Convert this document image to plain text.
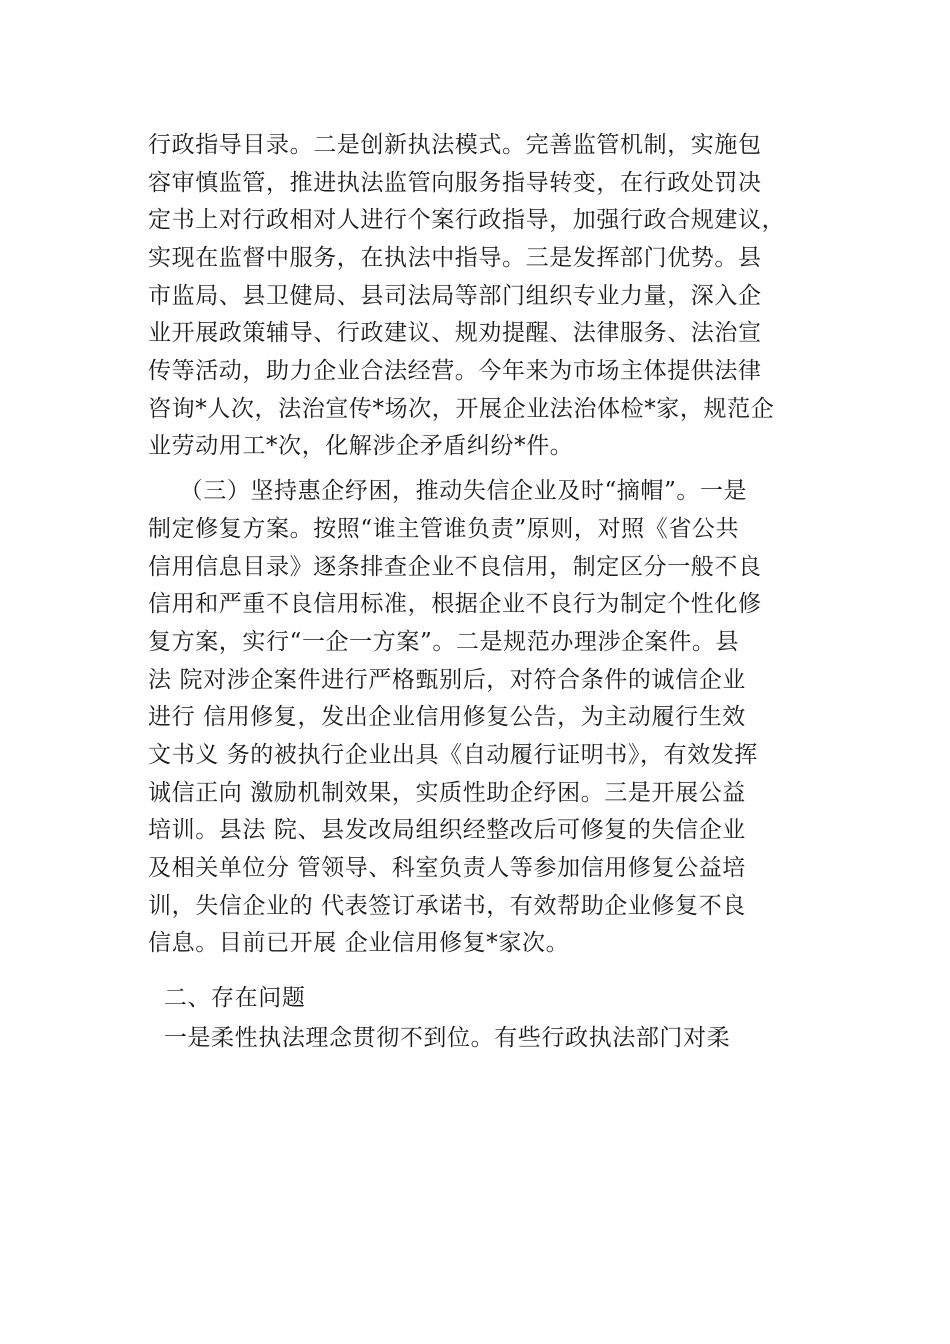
行政指导目录。二是创新执法模式。完善监管机制，实施包
容审慎监管，推进执法监管向服务指导转变，在行政处罚决
定书上对行政相对人进行个案行政指导，加强行政合规建议，
实现在监督中服务，在执法中指导。三是发挥部门优势。县
市监局、县卫健局、县司法局等部门组织专业力量，深入企
业开展政策辅导、行政建议、规劝提醒、法律服务、法治宣
传等活动，助力企业合法经营。今年来为市场主体提供法律
咨询*人次，法治宣传*场次，开展企业法治体检*家，规范企
业劳动用工*次，化解涉企矛盾纠纷*件。
（三）坚持惠企纾困，推动失信企业及时“摘帽”。一是
制定修复方案。按照“谁主管谁负责”原则，对照《省公共
信用信息目录》逐条排查企业不良信用，制定区分一般不良
信用和严重不良信用标准，根据企业不良行为制定个性化修
复方案，实行“一企一方案”。二是规范办理涉企案件。县
法 院对涉企案件进行严格甄别后，对符合条件的诚信企业
进行 信用修复，发出企业信用修复公告，为主动履行生效
文书义 务的被执行企业出具《自动履行证明书》，有效发挥
诚信正向 激励机制效果，实质性助企纾困。三是开展公益
培训。县法 院、县发改局组织经整改后可修复的失信企业
及相关单位分 管领导、科室负责人等参加信用修复公益培
训，失信企业的 代表签订承诺书，有效帮助企业修复不良
信息。目前已开展 企业信用修复*家次。
二、存在问题
一是柔性执法理念贯彻不到位。有些行政执法部门对柔
